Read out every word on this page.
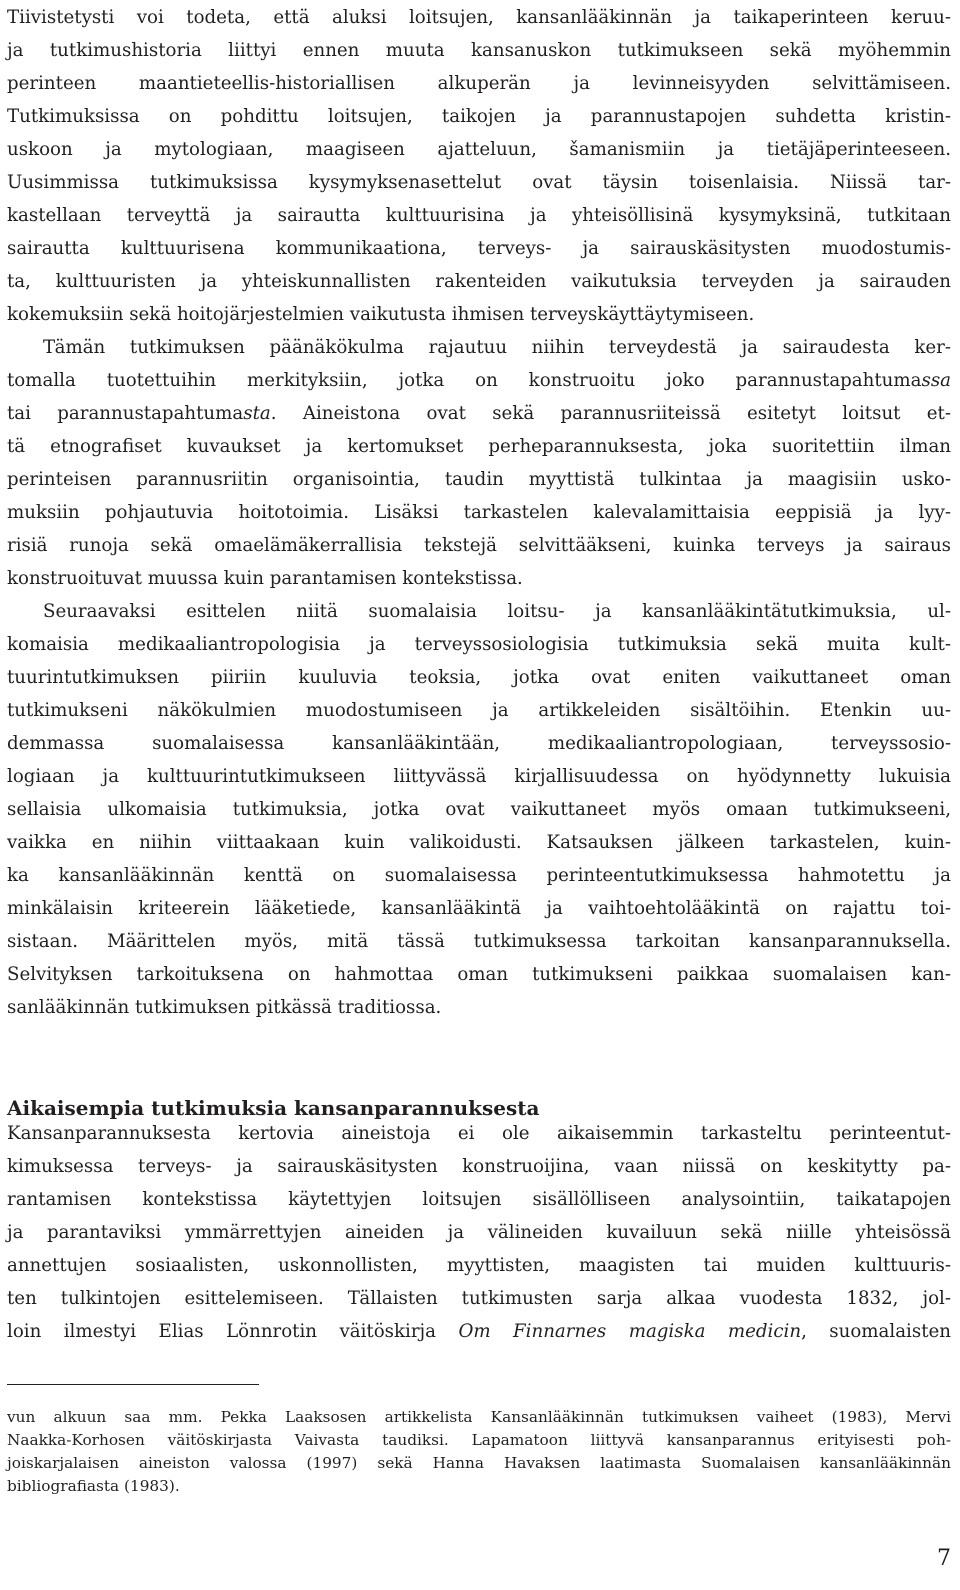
Tiivistetysti voi todeta, että aluksi loitsujen, kansanlääkinnän ja taikaperinteen keruu-
ja tutkimushistoria liittyi ennen muuta kansanuskon tutkimukseen sekä myöhemmin
perinteen maantieteellis-historiallisen alkuperän ja levinneisyyden selvittämiseen.
Tutkimuksissa on pohdittu loitsujen, taikojen ja parannustapojen suhdetta kristin-
uskoon ja mytologiaan, maagiseen ajatteluun, šamanismiin ja tietäjäperinteeseen.
Uusimmissa tutkimuksissa kysymyksenasettelut ovat täysin toisenlaisia. Niissä tar-
kastellaan terveyttä ja sairautta kulttuurisina ja yhteisöllisinä kysymyksinä, tutkitaan
sairautta kulttuurisena kommunikaationa, terveys- ja sairauskäsitysten muodostumis-
ta, kulttuuristen ja yhteiskunnallisten rakenteiden vaikutuksia terveyden ja sairauden
kokemuksiin sekä hoitojärjestelmien vaikutusta ihmisen terveyskäyttäytymiseen.
Tämän tutkimuksen päänäkökulma rajautuu niihin terveydestä ja sairaudesta ker-
tomalla tuotettuihin merkityksiin, jotka on konstruoitu joko parannustapahtumassa
tai parannustapahtumasta. Aineistona ovat sekä parannusriiteissä esitetyt loitsut et-
tä etnografiset kuvaukset ja kertomukset perheparannuksesta, joka suoritettiin ilman
perinteisen parannusriitin organisointia, taudin myyttistä tulkintaa ja maagisiin usko-
muksiin pohjautuvia hoitotoimia. Lisäksi tarkastelen kalevalamittaisia eeppisiä ja lyy-
risiä runoja sekä omaelämäkerrallisia tekstejä selvittääkseni, kuinka terveys ja sairaus
konstruoituvat muussa kuin parantamisen kontekstissa.
Seuraavaksi esittelen niitä suomalaisia loitsu- ja kansanlääkintätutkimuksia, ul-
komaisia medikaaliantropologisia ja terveyssosiologisia tutkimuksia sekä muita kult-
tuurintutkimuksen piiriin kuuluvia teoksia, jotka ovat eniten vaikuttaneet oman
tutkimukseni näkökulmien muodostumiseen ja artikkeleiden sisältöihin. Etenkin uu-
demmassa suomalaisessa kansanlääkintään, medikaaliantropologiaan, terveyssosio-
logiaan ja kulttuurintutkimukseen liittyvässä kirjallisuudessa on hyödynnetty lukuisia
sellaisia ulkomaisia tutkimuksia, jotka ovat vaikuttaneet myös omaan tutkimukseeni,
vaikka en niihin viittaakaan kuin valikoidusti. Katsauksen jälkeen tarkastelen, kuin-
ka kansanlääkinnän kenttä on suomalaisessa perinteentutkimuksessa hahmotettu ja
minkälaisin kriteerein lääketiede, kansanlääkintä ja vaihtoehtolääkintä on rajattu toi-
sistaan. Määrittelen myös, mitä tässä tutkimuksessa tarkoitan kansanparannuksella.
Selvityksen tarkoituksena on hahmottaa oman tutkimukseni paikkaa suomalaisen kan-
sanlääkinnän tutkimuksen pitkässä traditiossa.
Aikaisempia tutkimuksia kansanparannuksesta
Kansanparannuksesta kertovia aineistoja ei ole aikaisemmin tarkasteltu perinteentut-
kimuksessa terveys- ja sairauskäsitysten konstruoijina, vaan niissä on keskitytty pa-
rantamisen kontekstissa käytettyjen loitsujen sisällölliseen analysointiin, taikatapojen
ja parantaviksi ymmärrettyjen aineiden ja välineiden kuvailuun sekä niille yhteisössä
annettujen sosiaalisten, uskonnollisten, myyttisten, maagisten tai muiden kulttuuris-
ten tulkintojen esittelemiseen. Tällaisten tutkimusten sarja alkaa vuodesta 1832, jol-
loin ilmestyi Elias Lönnrotin väitöskirja Om Finnarnes magiska medicin, suomalaisten
vun alkuun saa mm. Pekka Laaksosen artikkelista Kansanlääkinnän tutkimuksen vaiheet (1983), Mervi
Naakka-Korhosen väitöskirjasta Vaivasta taudiksi. Lapamatoon liittyvä kansanparannus erityisesti poh-
joiskarjalaisen aineiston valossa (1997) sekä Hanna Havaksen laatimasta Suomalaisen kansanlääkinnän
bibliografiasta (1983).
7
